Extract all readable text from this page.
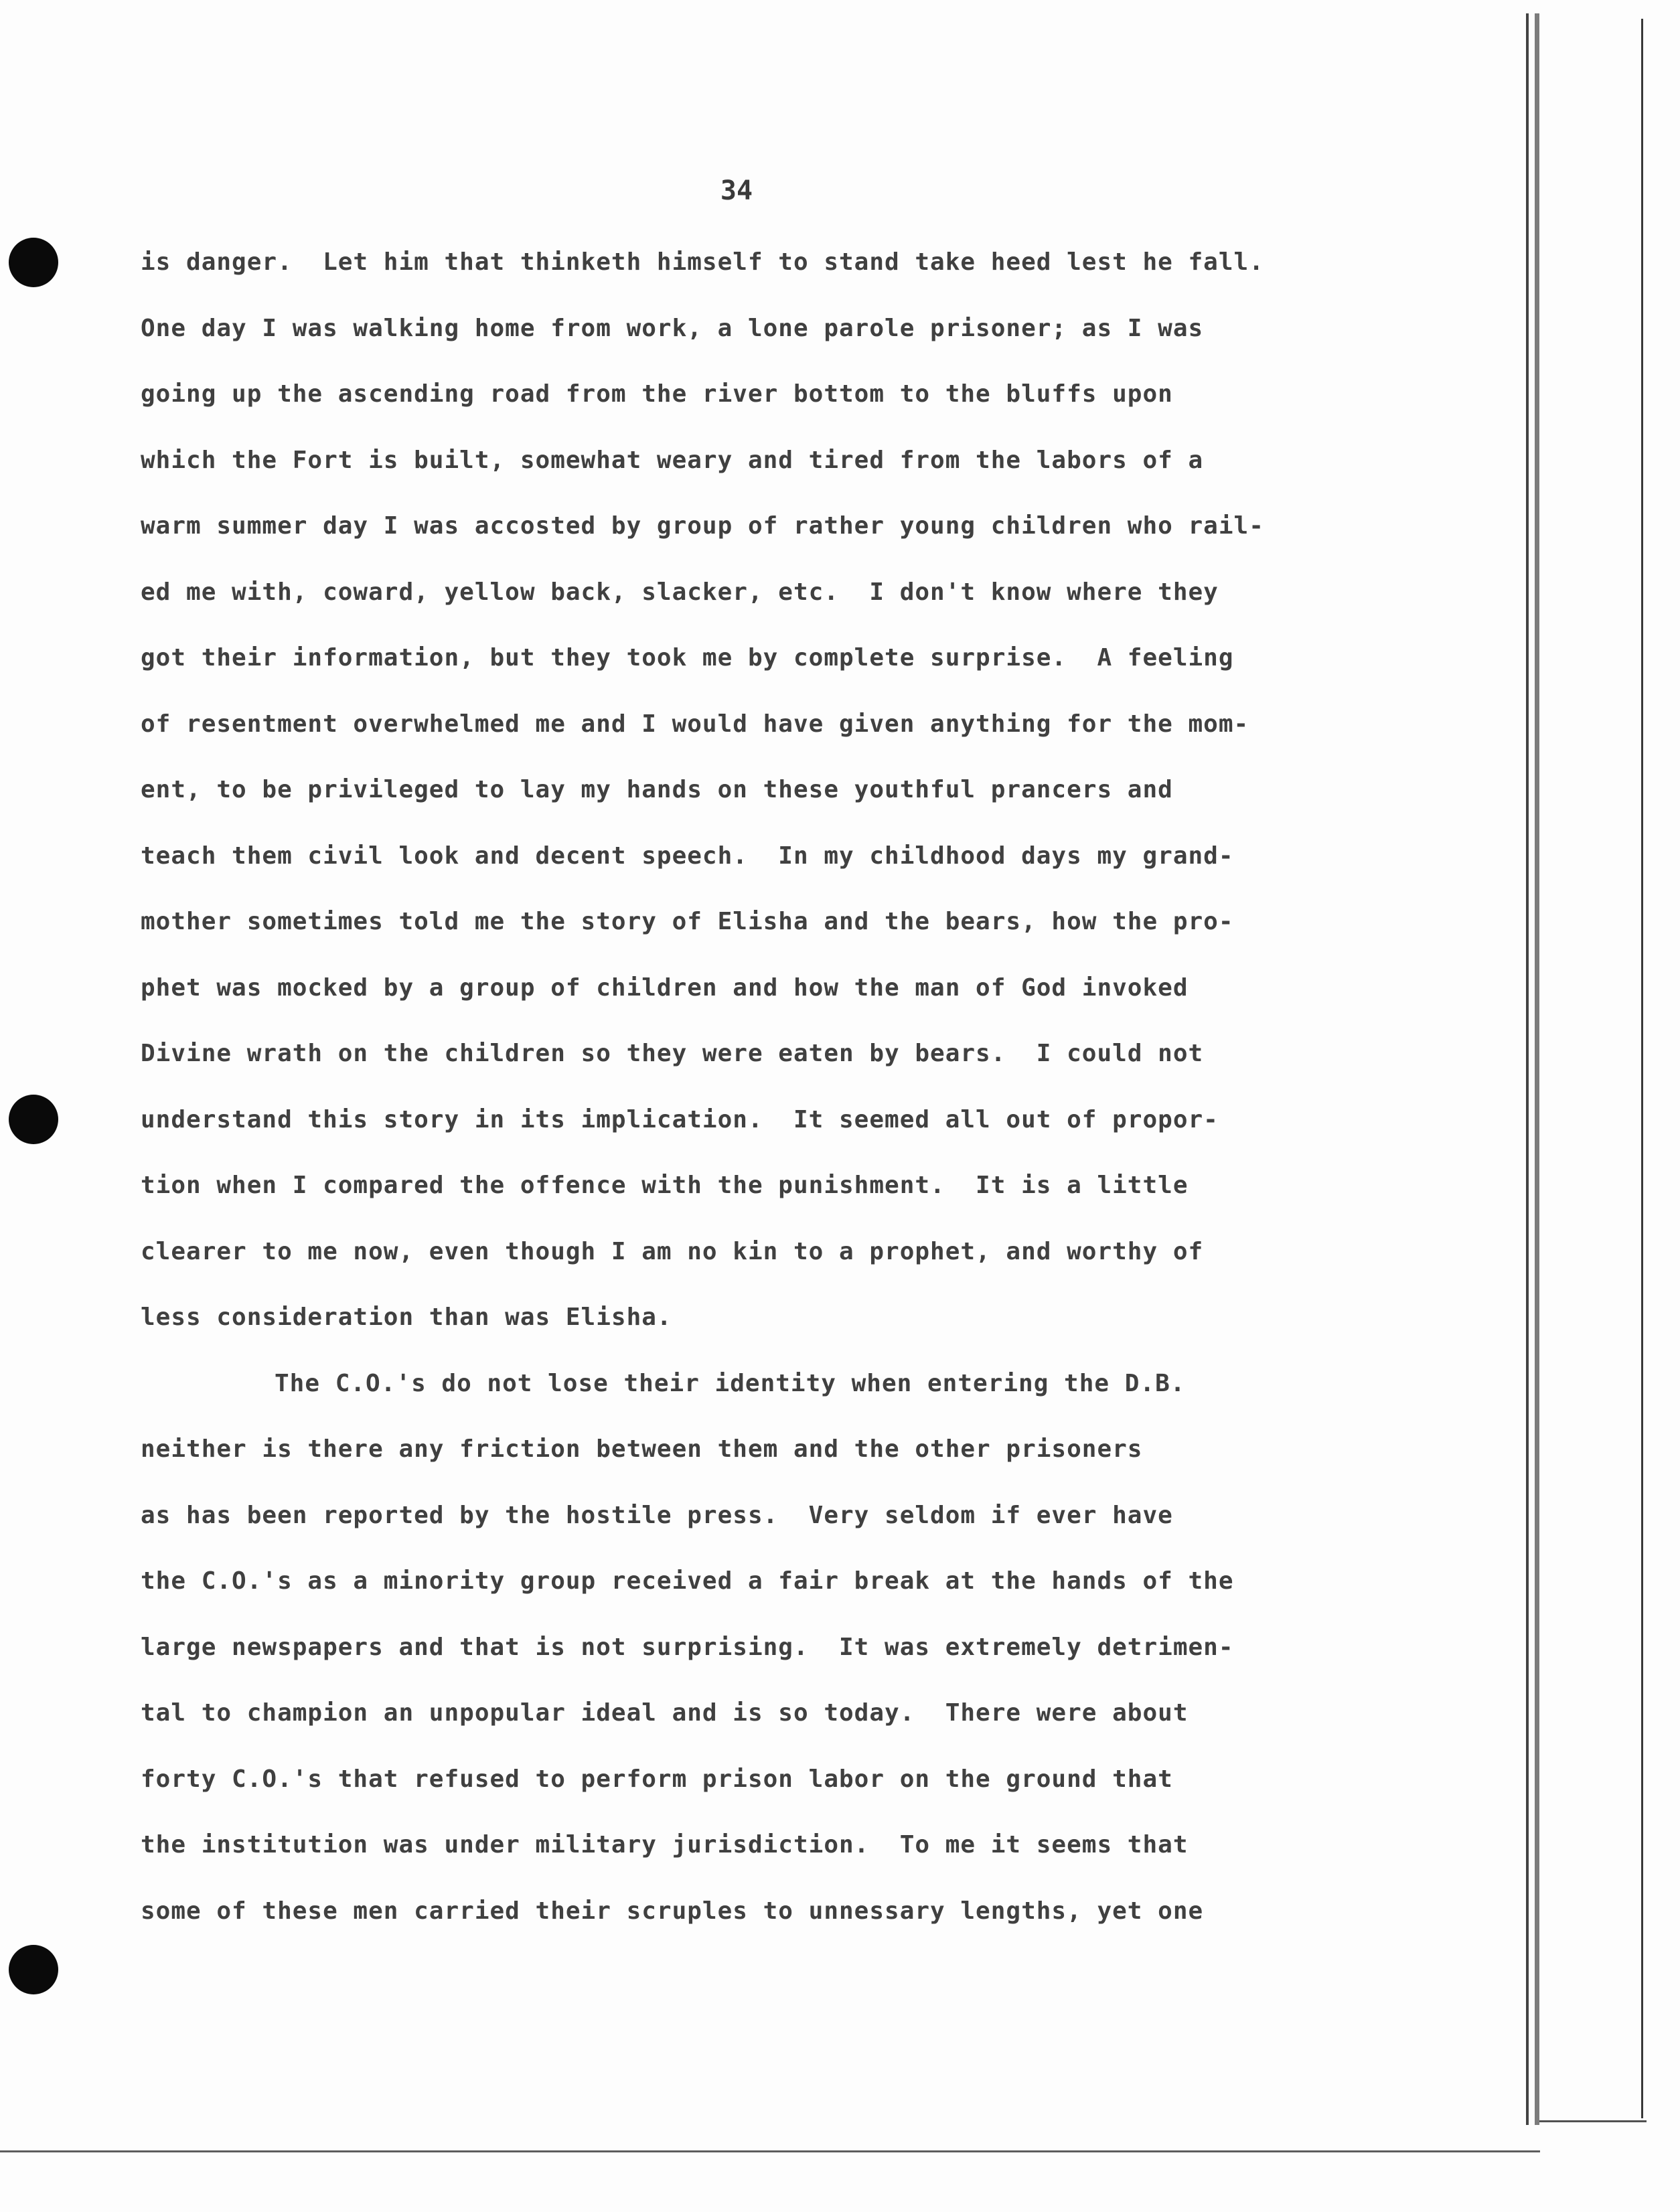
34
is danger.  Let him that thinketh himself to stand take heed lest he fall.
One day I was walking home from work, a lone parole prisoner; as I was
going up the ascending road from the river bottom to the bluffs upon
which the Fort is built, somewhat weary and tired from the labors of a
warm summer day I was accosted by group of rather young children who rail-
ed me with, coward, yellow back, slacker, etc.  I don't know where they
got their information, but they took me by complete surprise.  A feeling
of resentment overwhelmed me and I would have given anything for the mom-
ent, to be privileged to lay my hands on these youthful prancers and
teach them civil look and decent speech.  In my childhood days my grand-
mother sometimes told me the story of Elisha and the bears, how the pro-
phet was mocked by a group of children and how the man of God invoked
Divine wrath on the children so they were eaten by bears.  I could not
understand this story in its implication.  It seemed all out of propor-
tion when I compared the offence with the punishment.  It is a little
clearer to me now, even though I am no kin to a prophet, and worthy of
less consideration than was Elisha.
The C.O.'s do not lose their identity when entering the D.B.
neither is there any friction between them and the other prisoners
as has been reported by the hostile press.  Very seldom if ever have
the C.O.'s as a minority group received a fair break at the hands of the
large newspapers and that is not surprising.  It was extremely detrimen-
tal to champion an unpopular ideal and is so today.  There were about
forty C.O.'s that refused to perform prison labor on the ground that
the institution was under military jurisdiction.  To me it seems that
some of these men carried their scruples to unnessary lengths, yet one
